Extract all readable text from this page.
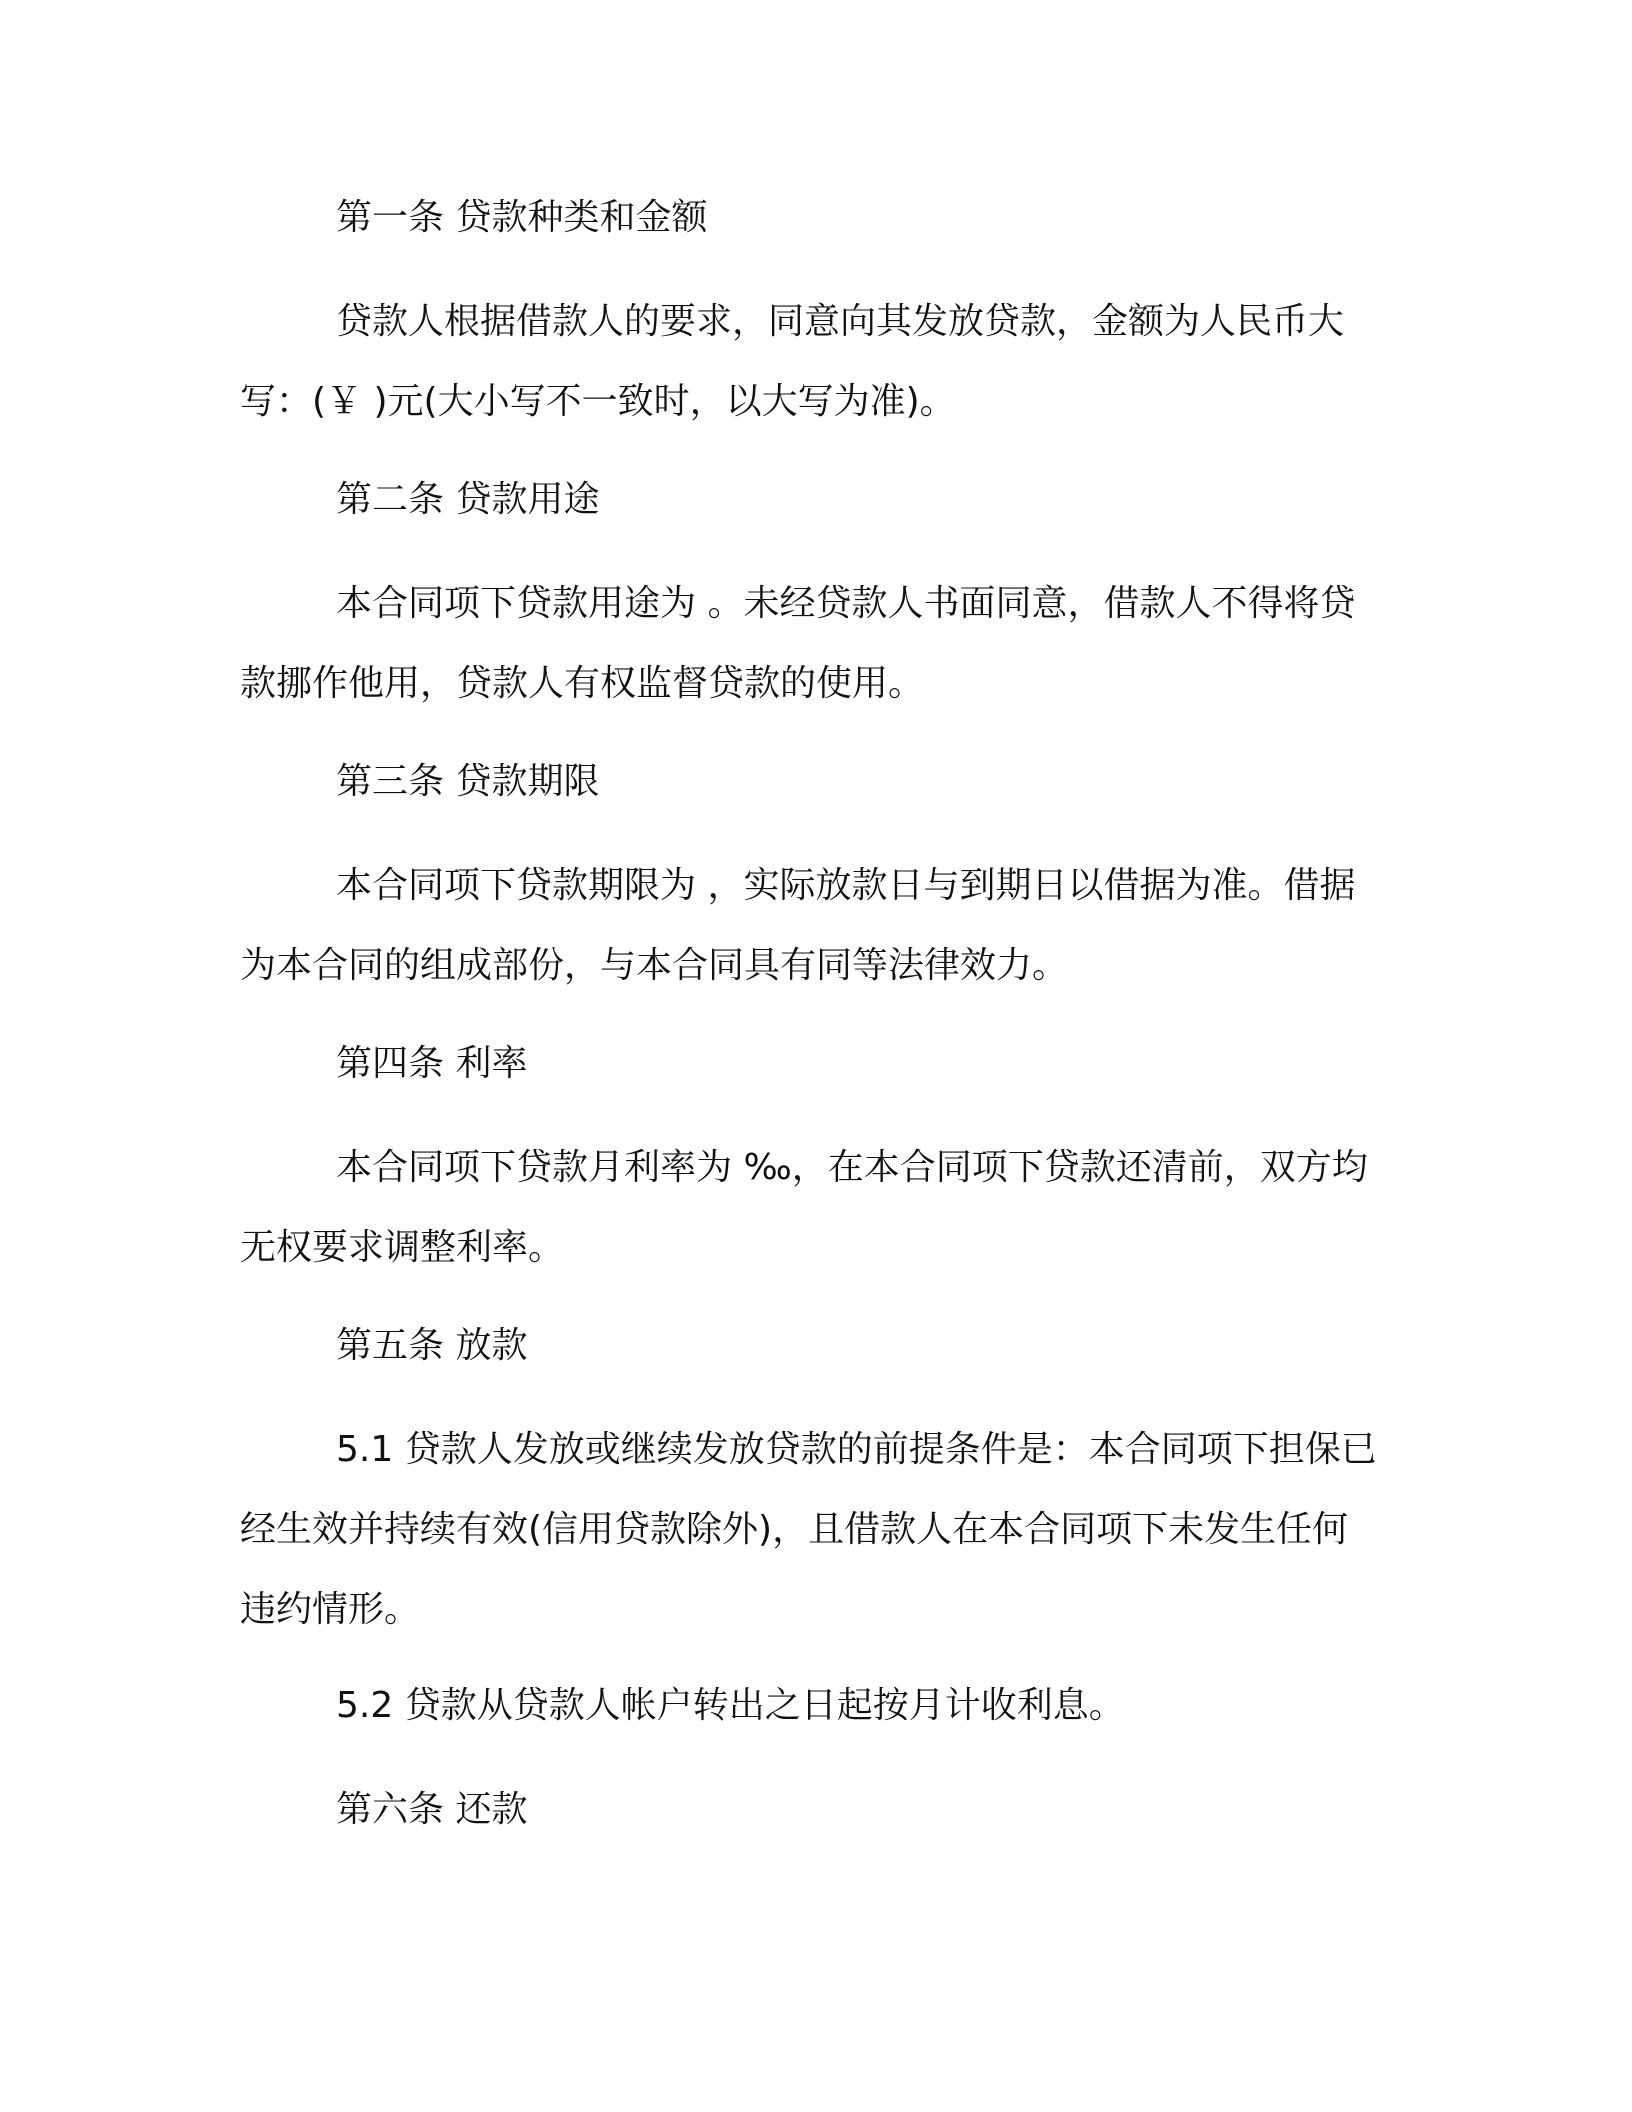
第一条 贷款种类和金额
贷款人根据借款人的要求，同意向其发放贷款，金额为人民币大写：(￥ )元(大小写不一致时，以大写为准)。
第二条 贷款用途
本合同项下贷款用途为 。未经贷款人书面同意，借款人不得将贷款挪作他用，贷款人有权监督贷款的使用。
第三条 贷款期限
本合同项下贷款期限为 ，实际放款日与到期日以借据为准。借据为本合同的组成部份，与本合同具有同等法律效力。
第四条 利率
本合同项下贷款月利率为 ‰，在本合同项下贷款还清前，双方均无权要求调整利率。
第五条 放款
5.1 贷款人发放或继续发放贷款的前提条件是：本合同项下担保已经生效并持续有效(信用贷款除外)，且借款人在本合同项下未发生任何违约情形。
5.2 贷款从贷款人帐户转出之日起按月计收利息。
第六条 还款
